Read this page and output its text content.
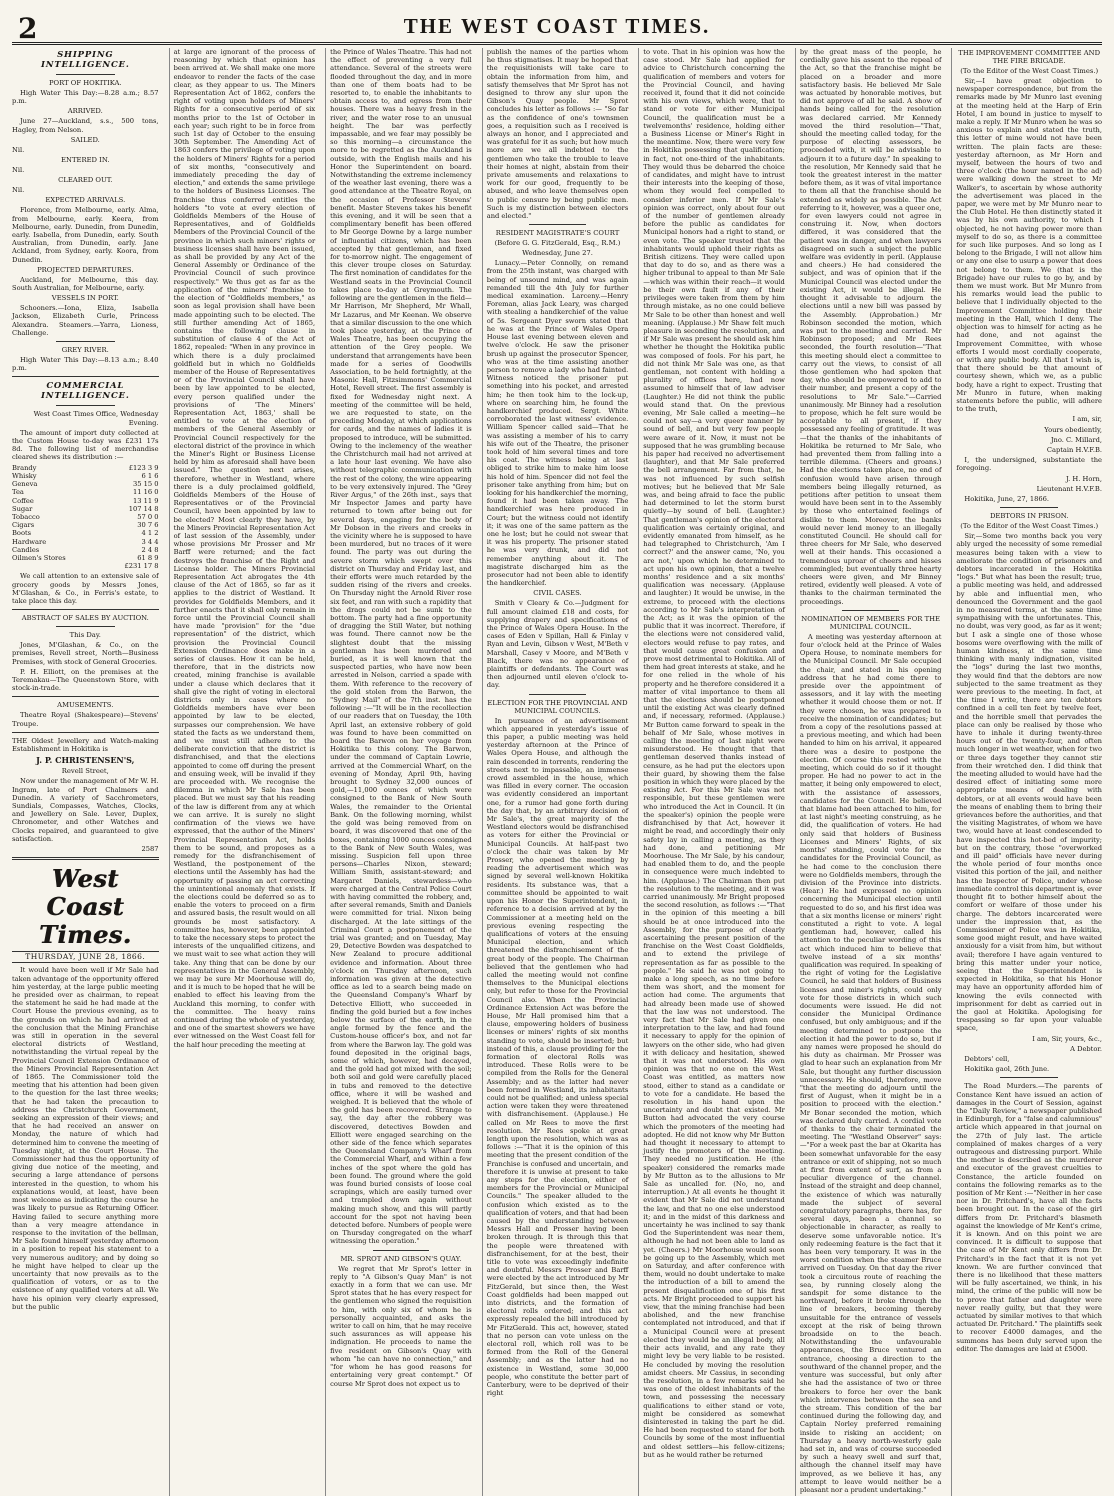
2	THE WEST COAST TIMES.
SHIPPING INTELLIGENCE.
PORT OF HOKITIKA.

High Water This Day:—8.28 a.m.; 8.57 p.m.

ARRIVED.

June 27—Auckland, s.s., 500 tons, Hagley, from Nelson.

SAILED.

Nil.

ENTERED IN.

Nil.

CLEARED OUT.

Nil.

EXPECTED ARRIVALS.

Florence, from Melbourne, early. Alma, from Melbourne, early. Keera, from Melbourne, early. Dunedin, from Dunedin, early. Isabella, from Dunedin, early. South Australian, from Dunedin, early. Jane Ackland, from Sydney, early. Koora, from Dunedin.

PROJECTED DEPARTURES.

Auckland, for Melbourne, this day. South Australian, for Melbourne, early.

VESSELS IN PORT.

Schooners.—Iona, Eliza, Isabella Jackson, Elizabeth Curle, Princess Alexandra. Steamers.—Yarra, Lioness, Challenge.

GREY RIVER.

High Water This Day:—8.13 a.m.; 8.40 p.m.

COMMERCIAL INTELLIGENCE.

West Coast Times Office, Wednesday Evening.

The amount of import duty collected at the Custom House to-day was £231 17s 8d. The following list of merchandise cleared shews its distribution :—

Brandy	£123 3 9
Whisky	6 1 6
Geneva	35 15 0
Tea	11 16 0
Coffee	13 11 9
Sugar	107 14 8
Tobacco	57 0 0
Cigars	30 7 6
Boots	4 1 2
Hardware	3 4 4
Candles	2 4 8
Oilmen's Stores	61 8 9

£231 17 8

We call attention to an extensive sale of grocery goods by Messrs Jones, M'Glashan, & Co., in Ferris's estate, to take place this day.

ABSTRACT OF SALES BY AUCTION.
This Day.

Jones, M'Glashan, & Co., on the premises, Revell street, North—Business Premises, with stock of General Groceries.

P. H. Elliott, on the premises at the Teremakau—The Queenstown Store, with stock-in-trade.

AMUSEMENTS.

Theatre Royal (Shakespeare)—Stevens' Troupe.

THE Oldest Jewellery and Watch-making Establishment in Hokitika is

J. P. CHRISTENSEN'S,
Revell Street,

Now under the management of Mr W. H. Ingram, late of Port Chalmers and Dunedin. A variety of Sacchrometers, Sundials, Compasses, Watches, Clocks, and Jewellery on Sale. Lever, Duplex, Chronometer, and other Watches and Clocks repaired, and guaranteed to give satisfaction.

2587

West Coast Times.
THURSDAY, JUNE 28, 1866.

It would have been well if Mr Sale had taken advantage of the opportunity offered him yesterday, at the large public meeting he presided over as chairman, to repeat the statement he said he had made at the Court House the previous evening, as to the grounds on which he had arrived at the conclusion that the Mining Franchise was still in operation in the several electoral districts of Westland, notwithstanding the virtual repeal by the Provincial Council Extension Ordinance of the Miners Provincial Representation Act of 1865. The Commissioner told the meeting that his attention had been given to the question for the last three weeks; that he had taken the precaution to address the Christchurch Government, seeking an expression of their views; and that he had received an answer on Monday, the nature of which had determined him to convene the meeting of Tuesday night, at the Court House. The Commissioner had thus the opportunity of giving due notice of the meeting, and securing a large attendance of persons interested in the question, to whom his explanations would, at least, have been most welcome as indicating the course he was likely to pursue as Returning Officer. Having failed to secure anything more than a very meagre attendance in response to the invitation of the bellman, Mr Sale found himself yesterday afternoon in a position to repeat his statement to a very numerous auditory; and by doing so he might have helped to clear up the uncertainty that now prevails as to the qualification of voters, or as to the existence of any qualified voters at all. We have his opinion very clearly expressed, but the public

at large are ignorant of the process of reasoning by which that opinion has been arrived at. We shall make one more endeavor to render the facts of the case clear, as they appear to us. The Miners Representation Act of 1862, confers the right of voting upon holders of Miners' Rights for a consecutive period of six months prior to the 1st of October in each year; such right to be in force from such 1st day of October to the ensuing 30th September. The Amending Act of 1863 confers the privilege of voting upon the holders of Miners' Rights for a period of six months, "consecutively and immediately preceding the day of election," and extends the same privilege to the holders of Business Licenses. The franchise thus conferred entitles the holders "to vote at every election of Goldfields Members of the House of Representatives, and of Goldfields Members of the Provincial Council of the province in which such miners' rights or business licenses shall have been issued, as shall be provided by any Act of the General Assembly or Ordinance of the Provincial Council of such province respectively." We thus get as far as the application of the miners' franchise to the election of "Goldfields members," as soon as legal provision shall have been made appointing such to be elected. The still further amending Act of 1865, contains the following clause in substitution of clause 4 of the Act of 1862, repealed: "When in any province in which there is a duly proclaimed goldfield but in which no Goldfields member of the House of Representatives or of the Provincial Council shall have been by law appointed to be elected, every person qualified under the provisions of 'The Miners' Representation Act, 1863,' shall be entitled to vote at the election of members of the General Assembly or Provincial Council respectively for the electoral district of the province in which the Miner's Right or Business License held by him as aforesaid shall have been issued." The question next arises, therefore, whether in Westland, where there is a duly proclaimed goldfield, Goldfields Members of the House of Representatives or of the Provincial Council, have been appointed by law to be elected? Most clearly they have, by the Miners Provincial Representation Act of last session of the Assembly, under whose provisions Mr Prosser and Mr Barff were returned; and the fact destroys the franchise of the Right and License holder. The Miners Provincial Representation Act abrogates the 4th clause of the Act of 1865, so far as it applies to the district of Westland. It provides for Goldfields Members, and it further enacts that it shall only remain in force until the Provincial Council shall have made "provision" for the "due representation" of the district, which provision the Provincial Council Extension Ordinance does make in a series of clauses. How it can be held, therefore, that in the districts now created, mining franchise is available under a clause which declares that it shall give the right of voting in electoral districts only in cases where no Goldfields members have ever been appointed by law to be elected, surpasses our comprehension. We have stated the facts as we understand them, and we must still adhere to the deliberate conviction that the district is disfranchised, and that the elections appointed to come off during the present and ensuing week, will be invalid if they are proceeded with. We recognise the dilemma in which Mr Sale has been placed. But we must say that his reading of the law is different from any at which we can arrive. It is surely no slight confirmation of the views we have expressed, that the author of the Miners' Provincial Representation Act, holds them to be sound, and proposes as a remedy for the disfranchisement of Westland, the postponement of the elections until the Assembly has had the opportunity of passing an act correcting the unintentional anomaly that exists. If the elections could be deferred so as to enable the voters to proceed on a firm and assured basis, the result would on all grounds be most satisfactory. A committee has, however, been appointed to take the necessary steps to protect the interests of the unqualified citizens, and we must wait to see what action they will take. Any thing that can be done by our representatives in the General Assembly, we may be sure Mr Moorhouse will do, and it is much to be hoped that he will be enabled to effect his leaving from the Auckland this morning, to confer with the committee. The heavy rains continued during the whole of yesterday, and one of the smartest showers we have ever witnessed on the West Coast fell for the half hour preceding the meeting at

the Prince of Wales Theatre. This had not the effect of preventing a very full attendance. Several of the streets were flooded throughout the day, and in more than one of them boats had to be resorted to, to enable the inhabitants to obtain access to, and egress from their houses. There was a heavy fresh in the river, and the water rose to an unusual height. The bar was perfectly impassable, and we fear may possibly be so this morning—a circumstance the more to be regretted as the Auckland is outside, with the English mails and his Honor the Superintendent on board. Notwithstanding the extreme inclemency of the weather last evening, there was a good attendance at the Theatre Royal, on the occasion of Professor Stevens' benefit. Master Stevens takes his benefit this evening, and it will be seen that a complimentary benefit has been offered to Mr George Downe by a large number of influential citizens, which has been accepted by that gentleman, and fixed for to-morrow night. The engagement of this clever troupe closes on Saturday. The first nomination of candidates for the Westland seats in the Provincial Council takes place to-day at Greymouth. The following are the gentlemen in the field—Mr Harrison, Mr Shepherd, Mr Whall, Mr Lazarus, and Mr Keenan. We observe that a similar discussion to the one which took place yesterday, at the Prince of Wales Theatre, has been occupying the attention of the Grey people. We understand that arrangements have been made for a series of Goodwills Association, to be held fortnightly, at the Masonic Hall, Fitzsimmons' Commercial Hotel, Revell street. The first assembly is fixed for Wednesday night next. A meeting of the committee will be held, we are requested to state, on the preceding Monday, at which applications for cards, and the names of ladies it is proposed to introduce, will be submitted. Owing to the inclemency of the weather the Christchurch mail had not arrived at a late hour last evening. We have also without telegraphic communication with the rest of the colony, the wire appearing to be very extensively injured. The "Grey River Argus," of the 26th inst., says that Mr Inspector James and party have returned to town after being out for several days, engaging for the body of Mr Dobson in the rivers and creeks in the vicinity where he is supposed to have been murdered, but no traces of it were found. The party was out during the severe storm which swept over this district on Thursday and Friday last, and their efforts were much retarded by the sudden rising of the rivers and creeks. On Thursday night the Arnold River rose six feet, and ran with such a rapidity that the drags could not be sunk to the bottom. The party had a fine opportunity of dragging the Still Water, but nothing was found. There cannot now be the slightest doubt that the missing gentleman has been murdered and buried, as it is well known that the suspected parties, who have now been arrested in Nelson, carried a spade with them. With reference to the recovery of the gold stolen from the Barwon, the "Sydney Mail" of the 7th inst. has the following :—"It will be in the recollection of our readers that on Tuesday, the 10th April last, an extensive robbery of gold was found to have been committed on board the Barwon on her voyage from Hokitika to this colony. The Barwon, under the command of Captain Lowrie, arrived at the Commercial Wharf, on the evening of Monday, April 9th, having brought to Sydney 32,000 ounces of gold,—11,000 ounces of which were consigned to the Bank of New South Wales, the remainder to the Oriental Bank. On the following morning, whilst the gold was being removed from on board, it was discovered that one of the boxes, containing 1000 ounces consigned to the Bank of New South Wales, was missing. Suspicion fell upon three persons—Charles Nixon, steward; William Smith, assistant-steward; and Margaret Daniels, stewardess—who were charged at the Central Police Court with having committed the robbery, and, after several remands, Smith and Daniels were committed for trial. Nixon being discharged. At the late sittings of the Criminal Court a postponement of the trial was granted; and on Tuesday, May 29, Detective Bowden was despatched to New Zealand to procure additional evidence and information. About three o'clock on Thursday afternoon, such information was given at the detective office as led to a search being made on the Queensland Company's Wharf by Detective Elliott, who succeeded in finding the gold buried but a few inches below the surface of the earth, in the angle formed by the fence and the Custom-house officer's box, and not far from where the Barwon lay. The gold was found deposited in the original bags, some of which, however, had decayed, and the gold had got mixed with the soil; both soil and gold were carefully placed in tubs and removed to the detective office, where it will be washed and weighed. It is believed that the whole of the gold has been recovered. Strange to say, the day after the robbery was discovered, detectives Bowden and Elliott were engaged searching on the other side of the fence which separates the Queensland Company's Wharf from the Commercial Wharf, and within a few inches of the spot where the gold has been found. The ground where the gold was found buried consists of loose coal scrapings, which are easily turned over and trampled down again without making much show, and this will partly account for the spot not having been detected before. Numbers of people were on Thursday congregated on the wharf witnessing the operation."

MR. SPROT AND GIBSON'S QUAY.

We regret that Mr Sprot's letter in reply to "A Gibson's Quay Man" is not exactly in a form that we can use. Mr Sprot states that he has every respect for the gentlemen who signed the requisition to him, with only six of whom he is personally acquainted, and asks the writer to call on him, that he may receive such assurances as will appease his indignation. He proceeds to name the five resident on Gibson's Quay with whom "he can have no connection," and "for whom he has good reasons for entertaining very great contempt." Of course Mr Sprot does not expect us to

publish the names of the parties whom he thus stigmatises. It may be hoped that the requisitionists will take care to obtain the information from him, and satisfy themselves that Mr Sprot has not designed to throw any slur upon the Gibson's Quay people. Mr Sprot concludes his letter as follows :— "So far as the confidence of one's townsmen goes, a requisition such as I received is always an honor, and I appreciated and was grateful for it as such; but how much more are we all indebted to the gentlemen who take the trouble to leave their homes at night, abstain from their private amusements and relaxations to work for our good, frequently to be abused, and who leave themselves open to public censure by being public men. Such is my distinction between electors and elected."

RESIDENT MAGISTRATE'S COURT
(Before G. G. FitzGerald, Esq., R.M.)
Wednesday, June 27.

Lunacy.—Peter Connolly, on remand from the 25th instant, was charged with being of unsound mind, and was again remanded till the 4th July for further medical examination. Larceny.—Henry Foreman, alias Jack Leary, was charged with stealing a handkerchief of the value of 5s. Sergeant Dyer sworn stated that he was at the Prince of Wales Opera House last evening between eleven and twelve o'clock. He saw the prisoner brush up against the prosecutor Spencer, who was at the time assisting another person to remove a lady who had fainted. Witness noticed the prisoner put something into his pocket, and arrested him; he then took him to the lock-up, where on searching him, he found the handkerchief produced. Sergt. White corroborated the last witness' evidence. William Spencer called said—That he was assisting a member of his to carry his wife out of the Theatre, the prisoner took hold of him several times and tore his coat. The witness being at last obliged to strike him to make him loose his hold of him. Spencer did not feel the prisoner take anything from him; but on looking for his handkerchief the morning, found it had been taken away. The handkerchief was here produced in Court; but the witness could not identify it; it was one of the same pattern as the one he lost; but he could not swear that it was his property. The prisoner stated he was very drunk, and did not remember anything about it. The magistrate discharged him as the prosecutor had not been able to identify the handkerchief.

CIVIL CASES.

Smith v Cleary & Co.—Judgment for full amount claimed £18 and costs, for supplying drapery and specifications of the Prince of Wales Opera House. In the cases of Eden v Spillan, Hall & Finlay v Ryan and Levin, Gibson v West, M'Beth v Marshall, Casey v Moore, and M'Beth v Black, there was no appearance of plaintiffs or defendants. The Court was then adjourned until eleven o'clock to-day.

ELECTION FOR THE PROVINCIAL AND MUNICIPAL COUNCILS.

In pursuance of an advertisement which appeared in yesterday's issue of this paper, a public meeting was held yesterday afternoon at the Prince of Wales Opera House, and although the rain descended in torrents, rendering the streets next to impassable, an immense crowd assembled in the house, which was filled in every corner. The occasion was evidently considered an important one, for a rumor had gone forth during the day that, by an arbitrary decision of Mr Sale's, the great majority of the Westland electors would be disfranchised as voters for either the Provincial or Municipal Councils. At half-past two o'clock the chair was taken by Mr Prosser, who opened the meeting by reading the advertisement which was signed by several well-known Hokitika residents. Its substance was, that a committee should be appointed to wait upon his Honor the Superintendent, in reference to a decision arrived at by the Commissioner at a meeting held on the previous evening respecting the qualifications of voters at the ensuing Municipal election, and which threatened the disfranchisement of the great body of the people. The Chairman believed that the gentlemen who had called the meeting would not confine themselves to the Municipal elections only, but refer to those for the Provincial Council also. When the Provincial Ordinance Extension Act was before the House, Mr Hall promised him that a clause, empowering holders of business licenses or miners' rights of six months standing to vote, should be inserted; but instead of this, a clause providing for the formation of electoral Rolls was introduced. These Rolls were to be compiled from the Rolls for the General Assembly; and as the latter had never been formed in Westland, its inhabitants could not be qualified; and unless special action were taken they were threatened with disfranchisement. (Applause.) He called on Mr Rees to move the first resolution. Mr Rees spoke at great length upon the resolution, which was as follows :—"That it is the opinion of this meeting that the present condition of the Franchise is confused and uncertain, and therefore it is unwise at present to take any steps for the election, either of members for the Provincial or Municipal Councils." The speaker alluded to the confusion which existed as to the qualification of voters, and that had been caused by the understanding between Messrs Hall and Prosser having been broken through. It is through this that the people were threatened with disfranchisement, for at the best, their title to vote was exceedingly indefinite and doubtful. Messrs Prosser and Barff were elected by the act introduced by Mr FitzGerald, but since then, the West Coast goldfields had been mapped out into districts, and the formation of electoral rolls ordered; and this act expressly repealed the bill introduced by Mr FitzGerald. This act, however, stated that no person can vote unless on the electoral roll, which roll was to be formed from the Roll of the General Assembly; and as the latter had no existence in Westland, some 30,000 people, who constitute the better part of Canterbury, were to be deprived of their right

to vote. That in his opinion was how the case stood. Mr Sale had applied for advice to Christchurch concerning the qualification of members and voters for the Provincial Council, and having received it, found that it did not coincide with his own views, which were, that to stand or vote for either Municipal Council, the qualification must be a twelvemonths' residence, holding either a Business License or Miner's Right in the meantime. Now, there were very few in Hokitika possessing that qualification; in fact, not one-third of the inhabitants. They would thus be debarred the choice of candidates, and might have to intrust their interests into the keeping of those, whom they would feel compelled to consider inferior men. If Mr Sale's opinion was correct, only about four out of the number of gentlemen already before the public as candidates for Municipal honors had a right to stand, or even vote. The speaker trusted that the inhabitants would uphold their rights as British citizens. They were called upon that day to do so, and as there was a higher tribunal to appeal to than Mr Sale—which was within their reach—it would be their own fault if any of their privileges were taken from them by him through mistake, as no one could believe Mr Sale to be other than honest and well meaning. (Applause.) Mr Shaw felt much pleasure in seconding the resolution, and if Mr Sale was present he should ask him whether he thought the Hokitika public was composed of fools. For his part, he did not think Mr Sale was one, as that gentleman, not content with holding a plurality of offices here, had now assumed to himself that of law adviser (Laughter.) He did not think the public would stand that. On the previous evening, Mr Sale called a meeting—he could not say—a very queer manner by sound of bell, and but very few people were aware of it. Now, it must not be supposed that he was grumbling because his paper had received no advertisement (laughter), and that Mr Sale preferred the bell arrangement. Far from that, he was not influenced by such selfish motives; but he believed that Mr Sale was, and being afraid to face the public had determined to let the storm burst quietly—by sound of bell. (Laughter.) That gentleman's opinion of the electoral qualification was certainly original, and evidently emanated from himself, as he had telegraphed to Christchurch, 'Am I correct?' and the answer came, 'No, you are not,' upon which he determined to act upon his own opinion, that a twelve months' residence and a six months' qualification was necessary. (Applause and laughter.) It would be unwise, in the extreme, to proceed with the elections according to Mr Sale's interpretation of the Act; as it was the opinion of the public that it was incorrect. Therefore, if the elections were not considered valid, electors would refuse to pay rates, and that would cause great confusion and prove most detrimental to Hokitika. All of them had great interests at stake, and he for one relied in the whole of his property and he therefore considered it a matter of vital importance to them all that the elections should be postponed until the existing Act was clearly defined and, if necessary, reformed. (Applause.) Mr Button came forward to speak in the behalf of Mr Sale, whose motives in calling the meeting of last night were misunderstood. He thought that that gentleman deserved thanks instead of censure, as he had put the electors upon their guard, by showing them the false position in which they were placed by the existing Act. For this Mr Sale was not responsible, but these gentlemen were who introduced the Act in Council. It (in the speaker's) opinion the people were disfranchised by that Act, however it might be read, and accordingly their only safety lay in calling a meeting, as they had done, and petitioning Mr Moorhouse. The Mr Sale, by his candour, had enabled them to do, and the people in consequence were much indebted to him. (Applause.) The Chairman then put the resolution to the meeting, and it was carried unanimously. Mr Bright proposed the second resolution, as follows :—"That in the opinion of this meeting a bill should be at once introduced into the Assembly, for the purpose of clearly ascertaining the present position of the franchise on the West Coast Goldfields, and to extend the privilege of representation as far as possible to the people." He said he was not going to make a long speech, as no time before them was short, and the moment for action had come. The arguments that had already been made use of showed that the law was not understood. The very fact that Mr Sale had given one interpretation to the law, and had found it necessary to apply for the opinion of lawyers on the other side, who had given it with delicacy and hesitation, shewed that it was not understood. His own opinion was that no one on the West Coast was entitled, as matters now stood, either to stand as a candidate or to vote for a candidate. He based the resolution in his hand upon the uncertainty and doubt that existed. Mr Button had advocated the very course which the promoters of the meeting had adopted. He did not know why Mr Button had thought it necessary to attempt to justify the promoters of the meeting. They needed no justification. He (the speaker) considered the remarks made by Mr Button as to the allusions to Mr Sale as uncalled for. (No, no, and interruption.) At all events he thought it evident that Mr Sale did not understand the law, and that no one else understood it; and in the midst of this darkness and uncertainty he was inclined to say thank God the Superintendent was near them, although he had not been able to land as yet. (Cheers.) Mr Moorhouse would soon be going up to the Assembly, which met on Saturday, and after conference with them, would no doubt undertake to make the introduction of a bill to amend the present disqualification one of his first acts. Mr Bright proceeded to support his view, that the mining franchise had been abolished, and the new franchise contemplated not introduced, and that if a Municipal Council were at present elected they would be an illegal body, all their acts invalid, and any rate they might levy be very liable to be resisted. He concluded by moving the resolution amidst cheers. Mr Cassius, in seconding the resolution, in a few remarks said he was one of the oldest inhabitants of the town, and possessing the necessary qualifications to either stand or vote, might be considered as somewhat disinterested in taking the part he did. He had been requested to stand for both Councils by some of the most influential and oldest settlers—his fellow-citizens; but as he would rather be returned

by the great mass of the people, he cordially gave his assent to the repeal of the Act, so that the franchise might be placed on a broader and more satisfactory basis. He believed Mr Sale was actuated by honorable motives, but did not approve of all he said. A show of hands being called for, the resolution was declared carried. Mr Kennedy moved the third resolution—"That, should the meeting called today, for the purpose of electing assessors, be proceeded with, it will be advisable to adjourn it to a future day." In speaking to the resolution, Mr Kennedy said that he took the greatest interest in the matter before them, as it was of vital importance to them all that the franchise should be extended as widely as possible. The Act referring to it, however, was a queer one, for even lawyers could not agree in construing it. Now, when doctors differed, it was considered that the patient was in danger, and when lawyers disagreed on such a subject the public welfare was evidently in peril. (Applause and cheers.) He had considered the subject, and was of opinion that if the Municipal Council was elected under the existing Act, it would be illegal. He thought it advisable to adjourn the elections until a new bill was passed by the Assembly. (Approbation.) Mr Robinson seconded the motion, which was put to the meeting and carried. Mr Robinson proposed; and Mr Rees seconded, the fourth resolution—"That this meeting should elect a committee to carry out the views, to consist of all those gentlemen who had spoken that day, who should be empowered to add to their number, and present a copy of the resolutions to Mr Sale."—Carried unanimously. Mr Binney had a resolution to propose, which he felt sure would be acceptable to all present, if they possessed any feeling of gratitude. It was—that the thanks of the inhabitants of Hokitika be returned to Mr Sale, who had prevented them from falling into a terrible dilemma. (Cheers and groans.) Had the elections taken place, no end of confusion would have arisen through members being illegally returned, as petitions after petition to unseat them would have been sent in to the Assembly by those who entertained feelings of dislike to them. Moreover, the banks would never lend money to an illegally constituted Council. He should call for three cheers for Mr Sale, who deserved well at their hands. This occasioned a tremendous uproar of cheers and hisses commingled; but eventually three hearty cheers were given, and Mr Binney retired, evidently well pleased. A vote of thanks to the chairman terminated the proceedings.

NOMINATION OF MEMBERS FOR THE MUNICIPAL COUNCIL.

A meeting was yesterday afternoon at four o'clock held at the Prince of Wales Opera House, to nominate members for the Municipal Council. Mr Sale occupied the chair, and stated in his opening address that he had come there to preside over the appointment of assessors, and it lay with the meeting whether it would choose them or not. If they were chosen, he was prepared to receive the nomination of candidates; but from a copy of the resolutions passed at a previous meeting, and which had been handed to him on his arrival, it appeared there was a desire to postpone the election. Of course this rested with the meeting, which could do so if it thought proper. He had no power to act in the matter, it being only empowered to elect, with the assistance of assessors, candidates for the Council. He believed that blame had been attached to him, for at last night's meeting construing, as he did, the qualification of voters. He had only said that holders of Business Licenses and Miners' Rights, of six months' standing, could vote for the candidates for the Provincial Council, as he had come to the conclusion there were no Goldfields members, through the division of the Province into districts. (Hear.) He had expressed no opinion concerning the Municipal election until requested to do so, and his first idea was that a six months license or miners' right constituted a right to vote. A legal gentleman had, however, called his attention to the peculiar wording of this act which induced him to believe that twelve instead of a six months' qualification was required. In speaking of the right of voting for the Legislative Council, he said that holders of Business licenses and miner's rights, could only vote for those districts in which such documents were issued. He did not consider the Municipal Ordinance confused, but only ambiguous; and if the meeting determined to postpone the election it had the power to do so, but if any names were proposed he should do his duty as chairman. Mr Prosser was glad to hear such an explanation from Mr Sale, but thought any further discussion unnecessary. He should, therefore, move "that the meeting do adjourn until the first of August, when it might be in a position to proceed with the election." Mr Bonar seconded the motion, which was declared duly carried. A cordial vote of thanks to the chair terminated the meeting. The "Westland Observer" says:—"For a week past the bar at Okarita has been somewhat unfavorable for the easy entrance or exit of shipping, not so much at first from extent of surf, as from a peculiar divergence of the channel. Instead of the straight and deep channel, the existence of which was naturally made the subject of several congratulatory paragraphs, there has, for several days, been a channel so objectionable in character, as really to deserve some unfavorable notice. It's only redeeming feature is the fact that it has been very temporary. It was in the worst condition when the steamer Bruce arrived on Tuesday. On that day the river took a circuitous route of reaching the sea, by running closely along the sandspit for some distance to the northward, before it broke through the line of breakers, becoming thereby unsuitable for the entrance of vessels except at the risk of being thrown broadside on to the beach. Notwithstanding the unfavourable appearances, the Bruce ventured an entrance, choosing a direction to the southward of the channel proper, and the venture was successful, but only after she had the assistance of two or three breakers to force her over the bank which intervenes between the sea and the stream. This condition of the bar continued during the following day, and Captain Norley preferred remaining inside to risking an accident; on Thursday a heavy north-westerly gale had set in, and was of course succeeded by such a heavy swell and surf that, although the channel itself may have improved, as we believe it has, any attempt to leave would neither be a pleasant nor a prudent undertaking."

THE IMPROVEMENT COMMITTEE AND THE FIRE BRIGADE.
(To the Editor of the West Coast Times.)

Sir,—I have great objection to newspaper correspondence, but from the remarks made by Mr Munro last evening at the meeting held at the Harp of Erin Hotel, I am bound in justice to myself to make a reply. If Mr Munro when he was so anxious to explain and stated the truth, this letter of mine would not have been written. The plain facts are these: yesterday afternoon, as Mr Horn and myself, between the hours of two and three o'clock (the hour named in the ad) were walking down the street to Mr Walker's, to ascertain by whose authority the advertisement was placed in the paper, we were met by Mr Munro near to the Club Hotel. He then distinctly stated it was by his own authority, to which I objected, he not having power more than myself to do so, as there is a committee for such like purposes. And so long as I belong to the Brigade, I will not allow him or any one else to usurp a power that does not belong to them. We (that is the Brigade) have our rules to go by, and by them we must work. But Mr Munro from his remarks would lead the public to believe that I individually objected to the Improvement Committee holding their meeting in the Hall, which I deny. The objection was to himself for acting as he had done, and not against the Improvement Committee, with whose efforts I would most cordially cooperate, or with any public body. All that I wish is, that there should be that amount of courtesy shewn, which we, as a public body, have a right to expect. Trusting that Mr Munro in future, when making statements before the public, will adhere to the truth,

I am, sir,

Yours obediently,

Jno. C. Millard,

Captain H.V.F.B.

I, the undersigned, substantiate the foregoing.

J. H. Horn,

Lieutenant H.V.F.B.

Hokitika, June, 27, 1866.

DEBTORS IN PRISON.
(To the Editor of the West Coast Times.)

Sir,—Some two months back you very ably urged the necessity of some remedial measures being taken with a view to ameliorate the condition of prisoners and debtors incarcerated in the Hokitika "logs." But what has been the result; true, a public meeting was held, and addressed by able and influential men, who denounced the Government and the gaol in no measured terms, at the same time sympathising with the unfortunates. This, no doubt, was very good, as far as it went; but I ask a single one of those whose bosoms were overflowing with the milk of human kindness, at the same time thinking with manly indignation, visited the "logs" during the last two months, they would find that the debtors are now subjected to the same treatment as they were previous to the meeting. In fact, at the time I write, there are ten debtors confined in a cell ten feet by twelve feet, and the horrible smell that pervades the place can only be realised by those who have to inhale it during twenty-three hours out of the twenty-four, and often much longer in wet weather, when for two or three days together they cannot stir from their wretched den. I did think that the meeting alluded to would have had the desired effect of initiating some more appropriate means of dealing with debtors, or at all events would have been the means of enabling them to bring their grievances before the authorities, and that the visiting Magistrates, of whom we have two, would have at least condescended to have inspected this hot-bed of impurity; but on the contrary, those "overworked and ill paid" officials have never during the whole period of four months once visited this portion of the jail, and neither has the Inspector of Police, under whose immediate control this department is, ever thought fit to bother himself about the comfort or welfare of those under his charge. The debtors incarcerated were under the impression that, as the Commissioner of Police was in Hokitika, some good might result, and have waited anxiously for a visit from him, but without avail; therefore I have again ventured to bring this matter under your notice, seeing that the Superintendent is expected in Hokitika, so that his Honor may have an opportunity afforded him of knowing the evils connected with imprisonment for debt as carried out in the gaol at Hokitika. Apologising for trespassing so far upon your valuable space,

I am, Sir, yours, &c.,

A Debtor.

Debtors' cell,

Hokitika gaol, 26th June.

The Road Murders.—The parents of Constance Kent have issued an action of damages in the Court of Session, against the "Daily Review," a newspaper published in Edinburgh, for a "false and calumnious" article which appeared in that journal on the 27th of July last. The article complained of makes charges of a very outrageous and distressing purport. While the mother is described as the murderer and executor of the gravest cruelties to Constance, the article founded on contains the following remarks as to the position of Mr Kent :—"Neither in her case nor in Dr. Pritchard's, have all the facts been brought out. In the case of the girl differs from Dr. Pritchard's blasmeth against the knowledge of Mr Kent's crime, it is known. And on this point we are convinced. It is difficult to suppose that the case of Mr Kent only differs from Dr. Pritchard's in the fact that it is not yet known. We are further convinced that there is no likelihood that these matters will be fully ascertained, we think, in his mind, the crime of the public will now be to prove that father and daughter were never really guilty, but that they were actuated by similar motives to that which actuated Dr. Pritchard." The plaintiffs seek to recover £4000 damages, and the summons has been duly served upon the editor. The damages are laid at £5000.
